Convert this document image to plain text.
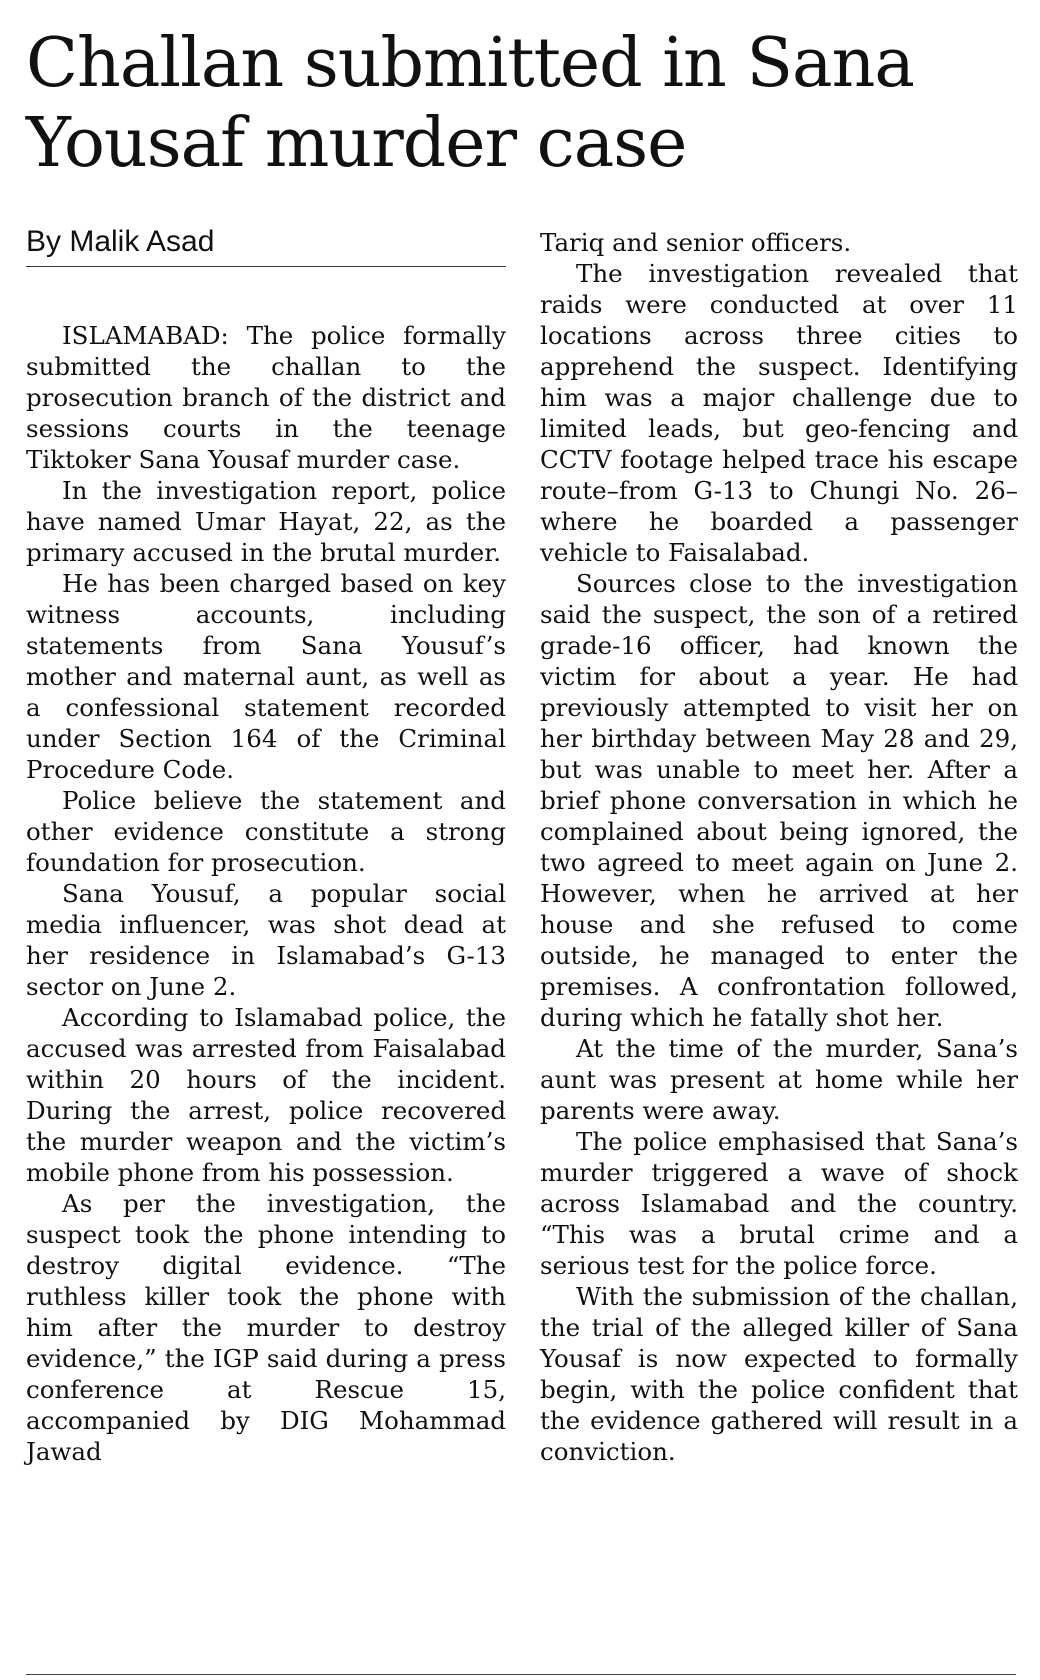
Challan submitted in Sana Yousaf murder case
By Malik Asad

ISLAMABAD: The police formally submitted the challan to the prosecution branch of the district and sessions courts in the teenage Tiktoker Sana Yousaf murder case.

In the investigation report, police have named Umar Hayat, 22, as the primary accused in the brutal murder.

He has been charged based on key witness accounts, including statements from Sana Yousuf’s mother and maternal aunt, as well as a confessional statement recorded under Section 164 of the Criminal Procedure Code.

Police believe the statement and other evidence constitute a strong foundation for prosecution.

Sana Yousuf, a popular social media influencer, was shot dead at her residence in Islamabad’s G-13 sector on June 2.

According to Islamabad police, the accused was arrested from Faisalabad within 20 hours of the incident. During the arrest, police recovered the murder weapon and the victim’s mobile phone from his possession.

As per the investigation, the suspect took the phone intending to destroy digital evidence. “The ruthless killer took the phone with him after the murder to destroy evidence,” the IGP said during a press conference at Rescue 15, accompanied by DIG Mohammad Jawad

Tariq and senior officers.

The investigation revealed that raids were conducted at over 11 locations across three cities to apprehend the suspect. Identifying him was a major challenge due to limited leads, but geo-fencing and CCTV footage helped trace his escape route–from G-13 to Chungi No. 26–where he boarded a passenger vehicle to Faisalabad.

Sources close to the investigation said the suspect, the son of a retired grade-16 officer, had known the victim for about a year. He had previously attempted to visit her on her birthday between May 28 and 29, but was unable to meet her. After a brief phone conversation in which he complained about being ignored, the two agreed to meet again on June 2. However, when he arrived at her house and she refused to come outside, he managed to enter the premises. A confrontation followed, during which he fatally shot her.

At the time of the murder, Sana’s aunt was present at home while her parents were away.

The police emphasised that Sana’s murder triggered a wave of shock across Islamabad and the country. “This was a brutal crime and a serious test for the police force.

With the submission of the challan, the trial of the alleged killer of Sana Yousaf is now expected to formally begin, with the police confident that the evidence gathered will result in a conviction.
